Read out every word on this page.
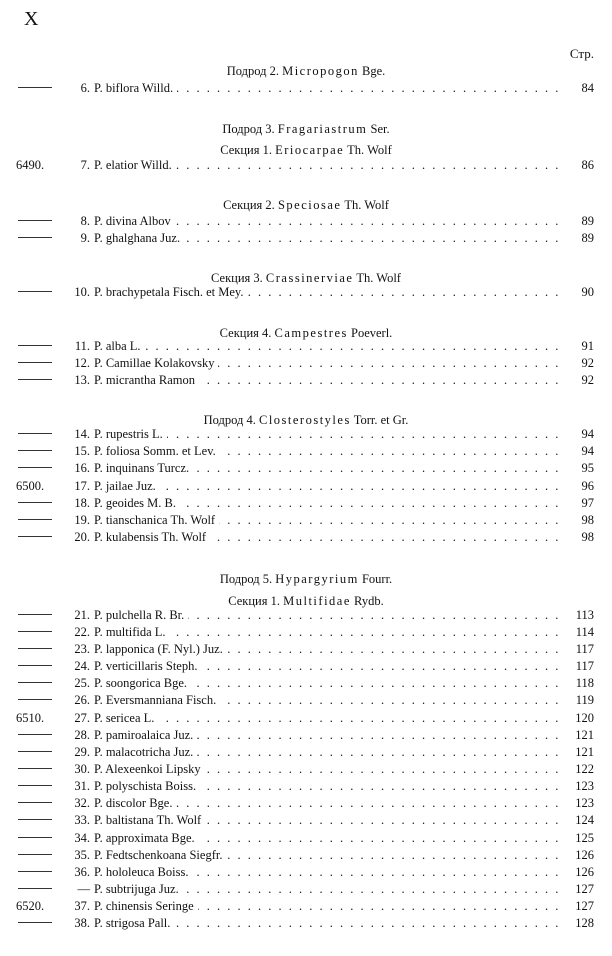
X
Стр.
Подрод 2. Micropogon Bge.
6. P. biflora Willd. . . .	84
Подрод 3. Fragariastrum Ser.
Секция 1. Eriocarpae Th. Wolf
6490.	7. P. elatior Willd. . . .	86
Секция 2. Speciosae Th. Wolf
8. P. divina Albov . . .	89
9. P. ghalghana Juz. . . .	89
Секция 3. Crassinerviae Th. Wolf
10. P. brachypetala Fisch. et Mey. . . .	90
Секция 4. Campestres Poeverl.
11. P. alba L. . . .	91
12. P. Camillae Kolakovsky . . .	92
13. P. micrantha Ramon . . .	92
Подрод 4. Closterostyles Torr. et Gr.
14. P. rupestris L. . . .	94
15. P. foliosa Somm. et Lev. . . .	94
16. P. inquinans Turcz. . . .	95
6500.	17. P. jailae Juz. . . .	96
18. P. geoides M. B. . . .	97
19. P. tianschanica Th. Wolf . . .	98
20. P. kulabensis Th. Wolf . . .	98
Подрод 5. Hypargyrium Fourr.
Секция 1. Multifidae Rydb.
21. P. pulchella R. Br. . . .	113
22. P. multifida L. . . .	114
23. P. lapponica (F. Nyl.) Juz. . . .	117
24. P. verticillaris Steph. . . .	117
25. P. soongorica Bge. . . .	118
26. P. Eversmanniana Fisch. . . .	119
6510.	27. P. sericea L. . . .	120
28. P. pamiroalaica Juz. . . .	121
29. P. malacotricha Juz. . . .	121
30. P. Alexeenkoi Lipsky . . .	122
31. P. polyschista Boiss. . . .	123
32. P. discolor Bge. . . .	123
33. P. baltistana Th. Wolf . . .	124
34. P. approximata Bge. . . .	125
35. P. Fedtschenkoana Siegfr. . . .	126
36. P. hololeuca Boiss. . . .	126
— P. subtrijuga Juz. . . .	127
6520.	37. P. chinensis Seringe . . .	127
38. P. strigosa Pall. . . .	128
